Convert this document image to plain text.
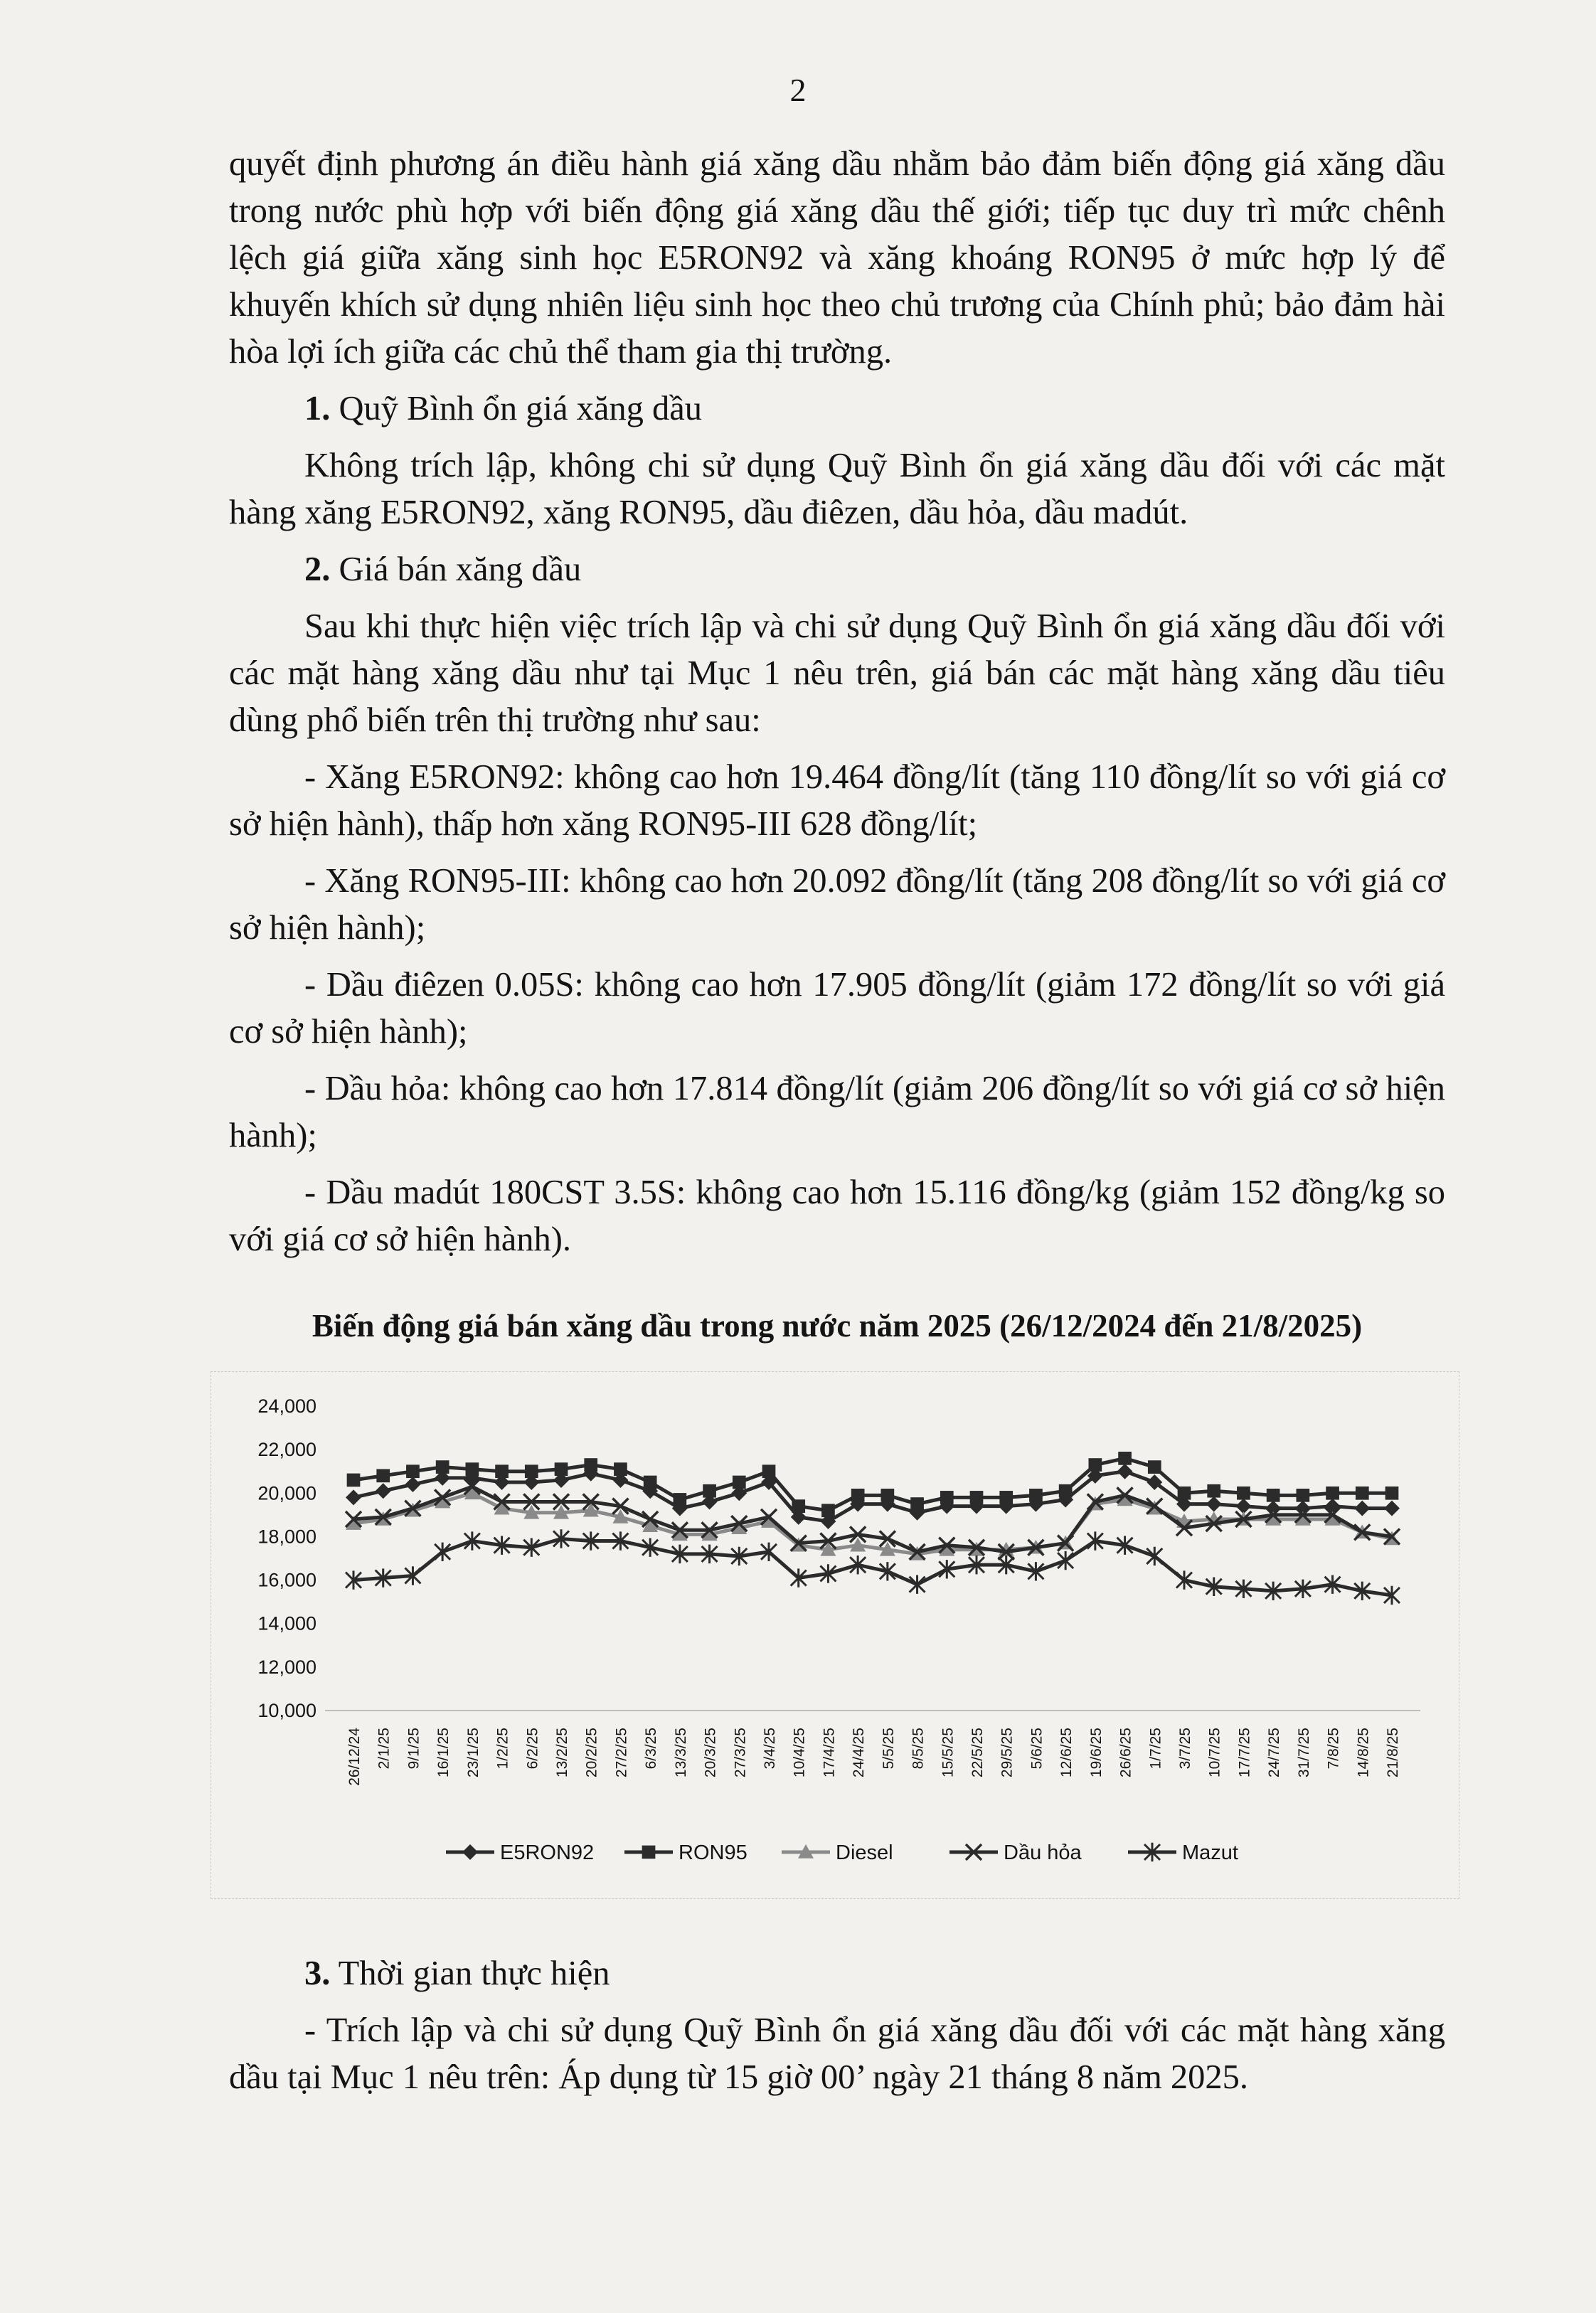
2

quyết định phương án điều hành giá xăng dầu nhằm bảo đảm biến động giá xăng dầu trong nước phù hợp với biến động giá xăng dầu thế giới; tiếp tục duy trì mức chênh lệch giá giữa xăng sinh học E5RON92 và xăng khoáng RON95 ở mức hợp lý để khuyến khích sử dụng nhiên liệu sinh học theo chủ trương của Chính phủ; bảo đảm hài hòa lợi ích giữa các chủ thể tham gia thị trường.

1. Quỹ Bình ổn giá xăng dầu

Không trích lập, không chi sử dụng Quỹ Bình ổn giá xăng dầu đối với các mặt hàng xăng E5RON92, xăng RON95, dầu điêzen, dầu hỏa, dầu madút.

2. Giá bán xăng dầu

Sau khi thực hiện việc trích lập và chi sử dụng Quỹ Bình ổn giá xăng dầu đối với các mặt hàng xăng dầu như tại Mục 1 nêu trên, giá bán các mặt hàng xăng dầu tiêu dùng phổ biến trên thị trường như sau:

- Xăng E5RON92: không cao hơn 19.464 đồng/lít (tăng 110 đồng/lít so với giá cơ sở hiện hành), thấp hơn xăng RON95-III 628 đồng/lít;

- Xăng RON95-III: không cao hơn 20.092 đồng/lít (tăng 208 đồng/lít so với giá cơ sở hiện hành);

- Dầu điêzen 0.05S: không cao hơn 17.905 đồng/lít (giảm 172 đồng/lít so với giá cơ sở hiện hành);

- Dầu hỏa: không cao hơn 17.814 đồng/lít (giảm 206 đồng/lít so với giá cơ sở hiện hành);

- Dầu madút 180CST 3.5S: không cao hơn 15.116 đồng/kg (giảm 152 đồng/kg so với giá cơ sở hiện hành).

Biến động giá bán xăng dầu trong nước năm 2025 (26/12/2024 đến 21/8/2025)
10,000
12,000
14,000
16,000
18,000
20,000
22,000
24,000
26/12/24 2/1/25 9/1/25 16/1/25 23/1/25 1/2/25 6/2/25 13/2/25 20/2/25 27/2/25 6/3/25 13/3/25 20/3/25 27/3/25 3/4/25 10/4/25 17/4/25 24/4/25 5/5/25 8/5/25 15/5/25 22/5/25 29/5/25 5/6/25 12/6/25 19/6/25 26/6/25 1/7/25 3/7/25 10/7/25 17/7/25 24/7/25 31/7/25 7/8/25 14/8/25 21/8/25
E5RON92	RON95	Diesel	Dầu hỏa	Mazut

3. Thời gian thực hiện

- Trích lập và chi sử dụng Quỹ Bình ổn giá xăng dầu đối với các mặt hàng xăng dầu tại Mục 1 nêu trên: Áp dụng từ 15 giờ 00’ ngày 21 tháng 8 năm 2025.
